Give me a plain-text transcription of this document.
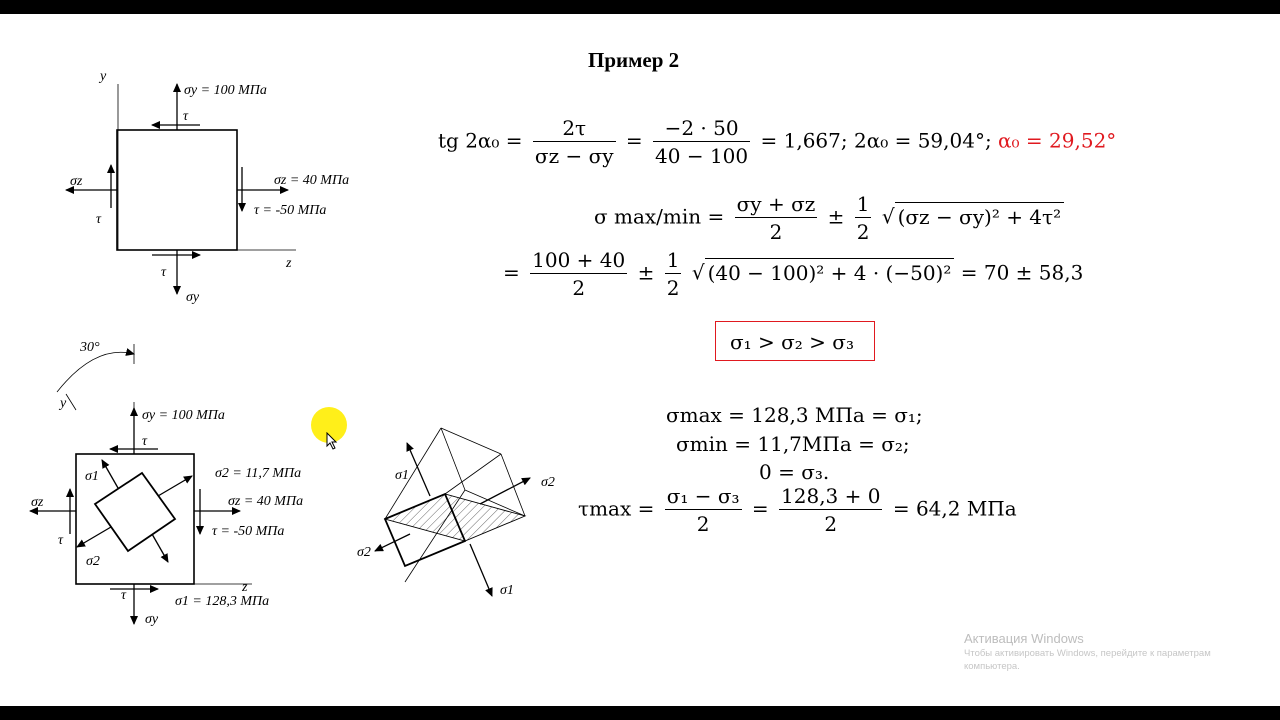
Пример 2
y
z
σy = 100 МПа
τ
σz
τ
σz = 40 МПа
τ = -50 МПа
τ
σy
30°
y
z
σy = 100 МПа
τ
σ1	σ2 = 11,7 МПа
σz = 40 МПа
τ = -50 МПа
σz
τ
σ2
τ
σy
σ1 = 128,3 МПа
σ1	σ2
σ2
σ1
tg $2\alpha_0 = \frac{2\tau}{\sigma z - \sigma y} = \frac{-2 \cdot 50}{40 - 100} = 1,667$; 2α₀ = 59,04°; α₀ = 29,52°
σ $\max/\min = \frac{\sigma y + \sigma z}{2} \pm \frac{1}{2}$ √ (σz − σy)² + 4τ²
= $\frac{100 + 40}{2} \pm \frac{1}{2}$ √ (40 − 100)² + 4 · (−50)² = 70 ± 58,3
σ₁ > σ₂ > σ₃
σmax = 128,3 МПа = σ₁;
σmin = 11,7МПа = σ₂;
0 = σ₃.
$\tau\max = \frac{\text{σ₁ − σ₃}}{2} = \frac{128,3 + 0}{2} = 64,2$ МПа
Активация Windows
Чтобы активировать Windows, перейдите к параметрам компьютера.
